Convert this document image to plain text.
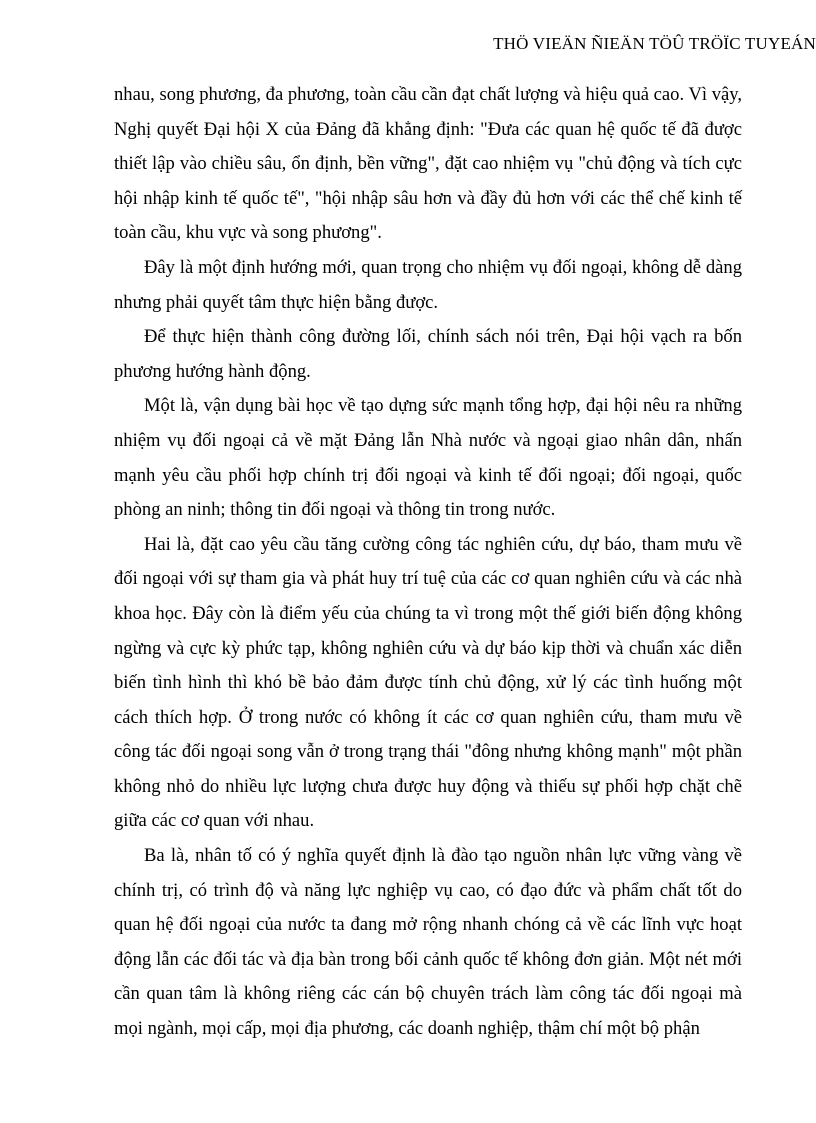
THÖ VIEÄN ÑIEÄN TÖÛ TRÖÏC TUYEÁN

nhau, song phương, đa phương, toàn cầu cần đạt chất lượng và hiệu quả cao. Vì vậy, Nghị quyết Đại hội X của Đảng đã khẳng định: "Đưa các quan hệ quốc tế đã được thiết lập vào chiều sâu, ổn định, bền vững", đặt cao nhiệm vụ "chủ động và tích cực hội nhập kinh tế quốc tế", "hội nhập sâu hơn và đầy đủ hơn với các thể chế kinh tế toàn cầu, khu vực và song phương".

Đây là một định hướng mới, quan trọng cho nhiệm vụ đối ngoại, không dễ dàng nhưng phải quyết tâm thực hiện bằng được.

Để thực hiện thành công đường lối, chính sách nói trên, Đại hội vạch ra bốn phương hướng hành động.

Một là, vận dụng bài học về tạo dựng sức mạnh tổng hợp, đại hội nêu ra những nhiệm vụ đối ngoại cả về mặt Đảng lẫn Nhà nước và ngoại giao nhân dân, nhấn mạnh yêu cầu phối hợp chính trị đối ngoại và kinh tế đối ngoại; đối ngoại, quốc phòng an ninh; thông tin đối ngoại và thông tin trong nước.

Hai là, đặt cao yêu cầu tăng cường công tác nghiên cứu, dự báo, tham mưu về đối ngoại với sự tham gia và phát huy trí tuệ của các cơ quan nghiên cứu và các nhà khoa học. Đây còn là điểm yếu của chúng ta vì trong một thế giới biến động không ngừng và cực kỳ phức tạp, không nghiên cứu và dự báo kịp thời và chuẩn xác diễn biến tình hình thì khó bề bảo đảm được tính chủ động, xử lý các tình huống một cách thích hợp. Ở trong nước có không ít các cơ quan nghiên cứu, tham mưu về công tác đối ngoại song vẫn ở trong trạng thái "đông nhưng không mạnh" một phần không nhỏ do nhiều lực lượng chưa được huy động và thiếu sự phối hợp chặt chẽ giữa các cơ quan với nhau.

Ba là, nhân tố có ý nghĩa quyết định là đào tạo nguồn nhân lực vững vàng về chính trị, có trình độ và năng lực nghiệp vụ cao, có đạo đức và phẩm chất tốt do quan hệ đối ngoại của nước ta đang mở rộng nhanh chóng cả về các lĩnh vực hoạt động lẫn các đối tác và địa bàn trong bối cảnh quốc tế không đơn giản. Một nét mới cần quan tâm là không riêng các cán bộ chuyên trách làm công tác đối ngoại mà mọi ngành, mọi cấp, mọi địa phương, các doanh nghiệp, thậm chí một bộ phận
